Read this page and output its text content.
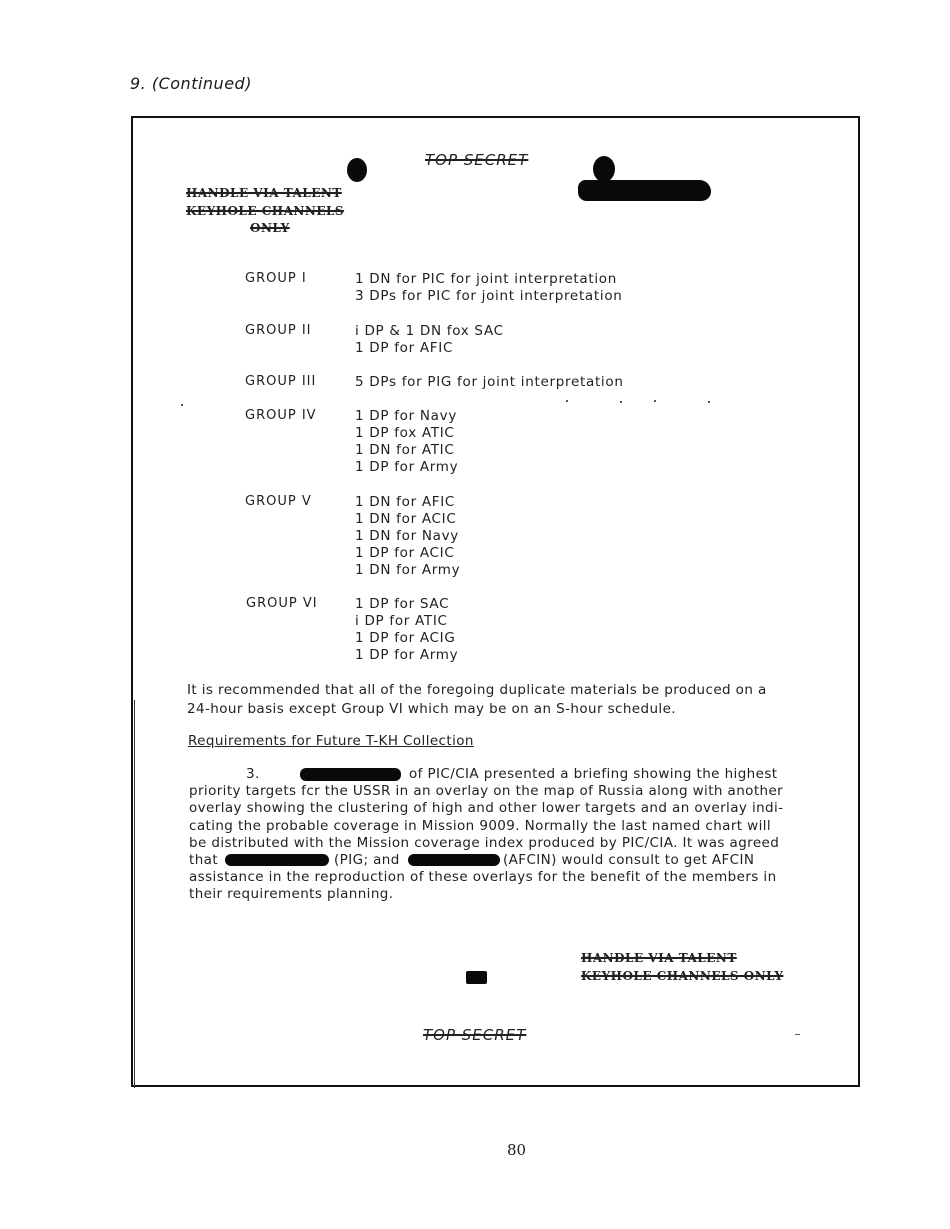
9. (Continued)
TOP SECRET
HANDLE VIA TALENT
KEYHOLE CHANNELS
ONLY
GROUP I	1 DN for PIC for joint interpretation
3 DPs for PIC for joint interpretation
GROUP II	i DP & 1 DN fox SAC
1 DP for AFIC
GROUP III	5 DPs for PIG for joint interpretation
GROUP IV	1 DP for Navy
1 DP fox ATIC
1 DN for ATIC
1 DP for Army
GROUP V	1 DN for AFIC
1 DN for ACIC
1 DN for Navy
1 DP for ACIC
1 DN for Army
GROUP VI	1 DP for SAC
i DP for ATIC
1 DP for ACIG
1 DP for Army
It is recommended that all of the foregoing duplicate materials be produced on a
24-hour basis except Group VI which may be on an S-hour schedule.
Requirements for Future T-KH Collection
3.	of PIC/CIA presented a briefing showing the highest
priority targets fcr the USSR in an overlay on the map of Russia along with another
overlay showing the clustering of high and other lower targets and an overlay indi-
cating the probable coverage in Mission 9009. Normally the last named chart will
be distributed with the Mission coverage index produced by PIC/CIA. It was agreed
that	(PIG; and	(AFCIN) would consult to get AFCIN
assistance in the reproduction of these overlays for the benefit of the members in
their requirements planning.
HANDLE VIA TALENT
KEYHOLE CHANNELS ONLY
TOP SECRET
80
